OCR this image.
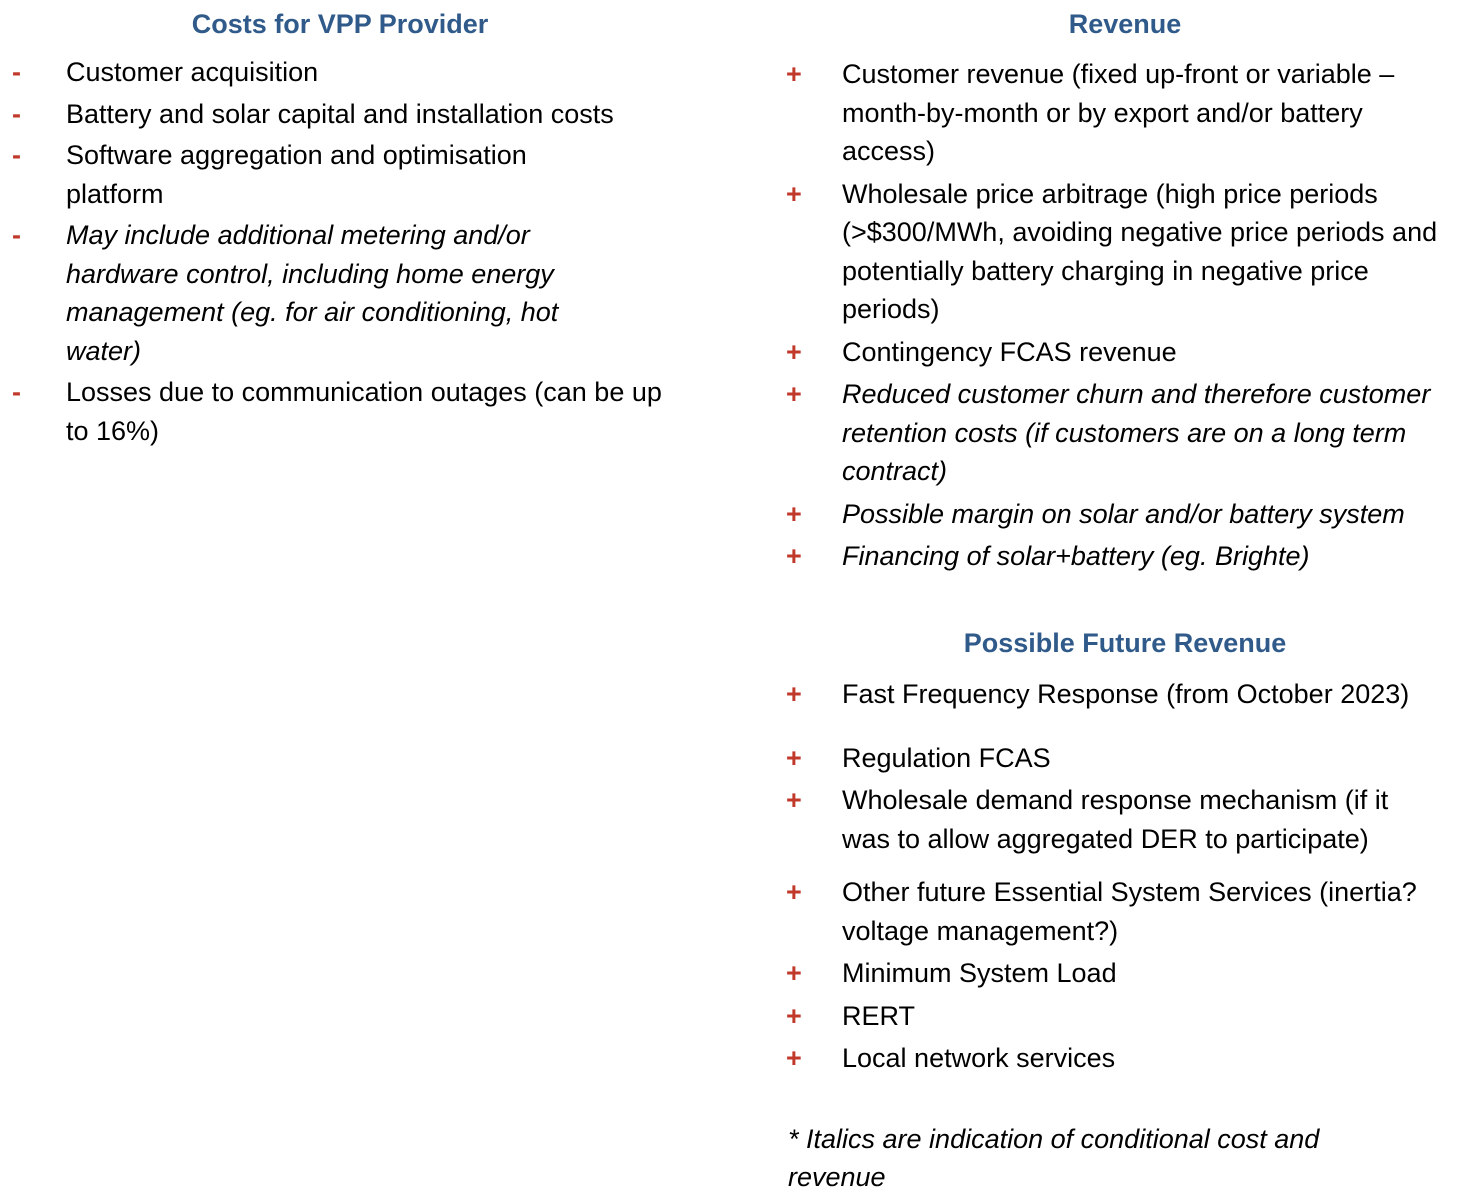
Costs for VPP Provider
-	Customer acquisition
-	Battery and solar capital and installation costs
-	Software aggregation and optimisation platform
-	May include additional metering and/or hardware control, including home energy management (eg. for air conditioning, hot water)
-	Losses due to communication outages (can be up to 16%)
Revenue
+	Customer revenue (fixed up-front or variable – month-by-month or by export and/or battery access)
+	Wholesale price arbitrage (high price periods (>$300/MWh, avoiding negative price periods and potentially battery charging in negative price periods)
+	Contingency FCAS revenue
+	Reduced customer churn and therefore customer retention costs (if customers are on a long term contract)
+	Possible margin on solar and/or battery system
+	Financing of solar+battery (eg. Brighte)
Possible Future Revenue
+	Fast Frequency Response (from October 2023)
+	Regulation FCAS
+	Wholesale demand response mechanism (if it was to allow aggregated DER to participate)
+	Other future Essential System Services (inertia? voltage management?)
+	Minimum System Load
+	RERT
+	Local network services
* Italics are indication of conditional cost and revenue
